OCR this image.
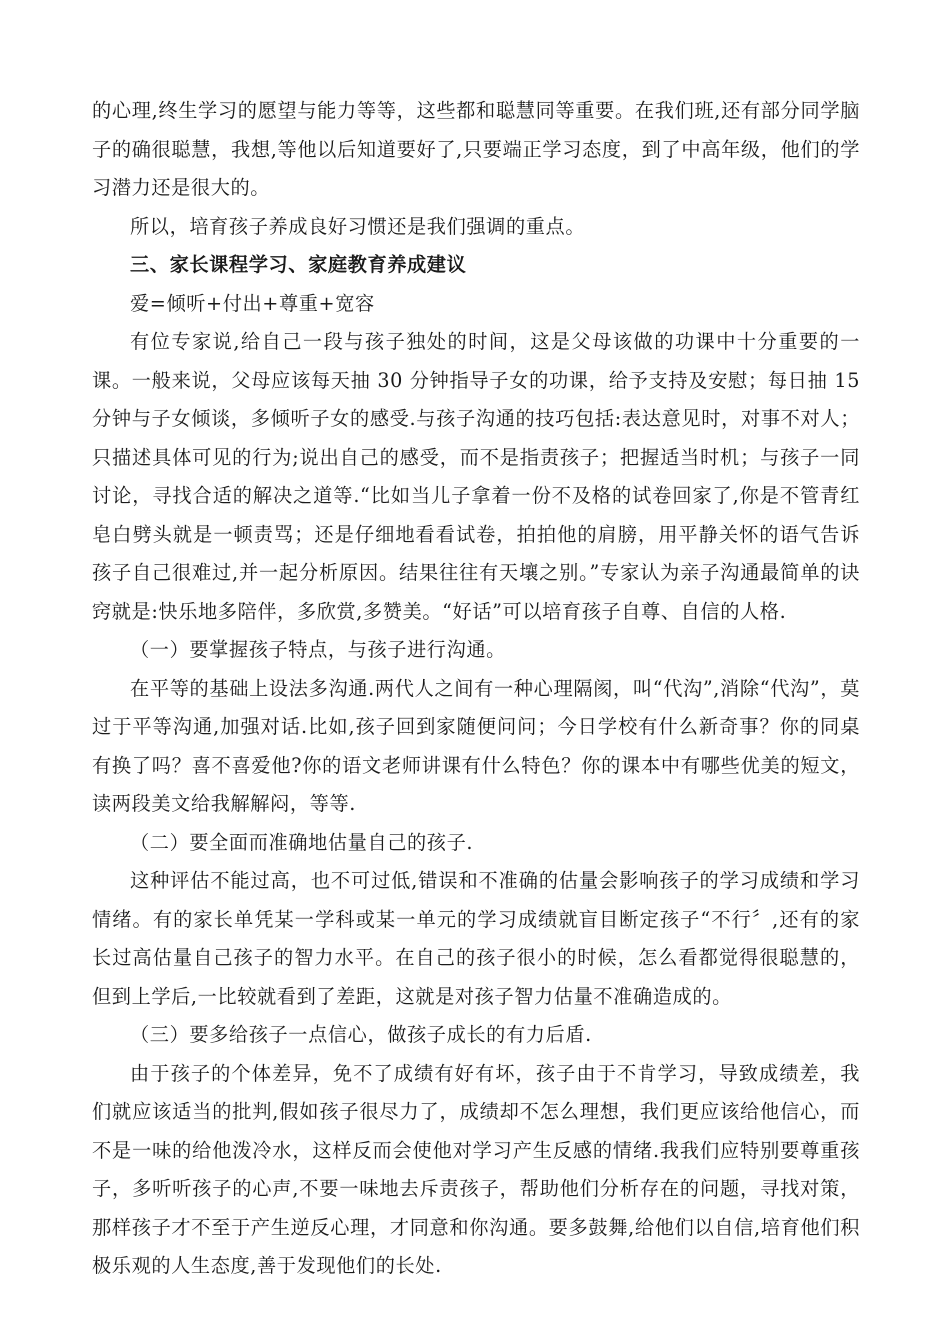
的心理,终生学习的愿望与能力等等，这些都和聪慧同等重要。在我们班,还有部分同学脑子的确很聪慧，我想,等他以后知道要好了,只要端正学习态度，到了中高年级，他们的学习潜力还是很大的。

所以，培育孩子养成良好习惯还是我们强调的重点。

三、家长课程学习、家庭教育养成建议

爱=倾听+付出+尊重+宽容

有位专家说,给自己一段与孩子独处的时间，这是父母该做的功课中十分重要的一课。一般来说，父母应该每天抽 30 分钟指导子女的功课，给予支持及安慰；每日抽 15 分钟与子女倾谈，多倾听子女的感受.与孩子沟通的技巧包括:表达意见时，对事不对人；只描述具体可见的行为;说出自己的感受，而不是指责孩子；把握适当时机；与孩子一同讨论，寻找合适的解决之道等.“比如当儿子拿着一份不及格的试卷回家了,你是不管青红皂白劈头就是一顿责骂；还是仔细地看看试卷，拍拍他的肩膀，用平静关怀的语气告诉孩子自己很难过,并一起分析原因。结果往往有天壤之别。”专家认为亲子沟通最简单的诀窍就是:快乐地多陪伴，多欣赏,多赞美。“好话”可以培育孩子自尊、自信的人格.

（一）要掌握孩子特点，与孩子进行沟通。

在平等的基础上设法多沟通.两代人之间有一种心理隔阂，叫“代沟”,消除“代沟”，莫过于平等沟通,加强对话.比如,孩子回到家随便问问；今日学校有什么新奇事？你的同桌有换了吗？喜不喜爱他?你的语文老师讲课有什么特色？你的课本中有哪些优美的短文，读两段美文给我解解闷，等等.

（二）要全面而准确地估量自己的孩子.

这种评估不能过高，也不可过低,错误和不准确的估量会影响孩子的学习成绩和学习情绪。有的家长单凭某一学科或某一单元的学习成绩就盲目断定孩子“不行〞,还有的家长过高估量自己孩子的智力水平。在自己的孩子很小的时候，怎么看都觉得很聪慧的，但到上学后,一比较就看到了差距，这就是对孩子智力估量不准确造成的。

（三）要多给孩子一点信心，做孩子成长的有力后盾.

由于孩子的个体差异，免不了成绩有好有坏，孩子由于不肯学习，导致成绩差，我们就应该适当的批判,假如孩子很尽力了，成绩却不怎么理想，我们更应该给他信心，而不是一味的给他泼冷水，这样反而会使他对学习产生反感的情绪.我我们应特别要尊重孩子，多听听孩子的心声,不要一味地去斥责孩子，帮助他们分析存在的问题，寻找对策，那样孩子才不至于产生逆反心理，才同意和你沟通。要多鼓舞,给他们以自信,培育他们积极乐观的人生态度,善于发现他们的长处.
